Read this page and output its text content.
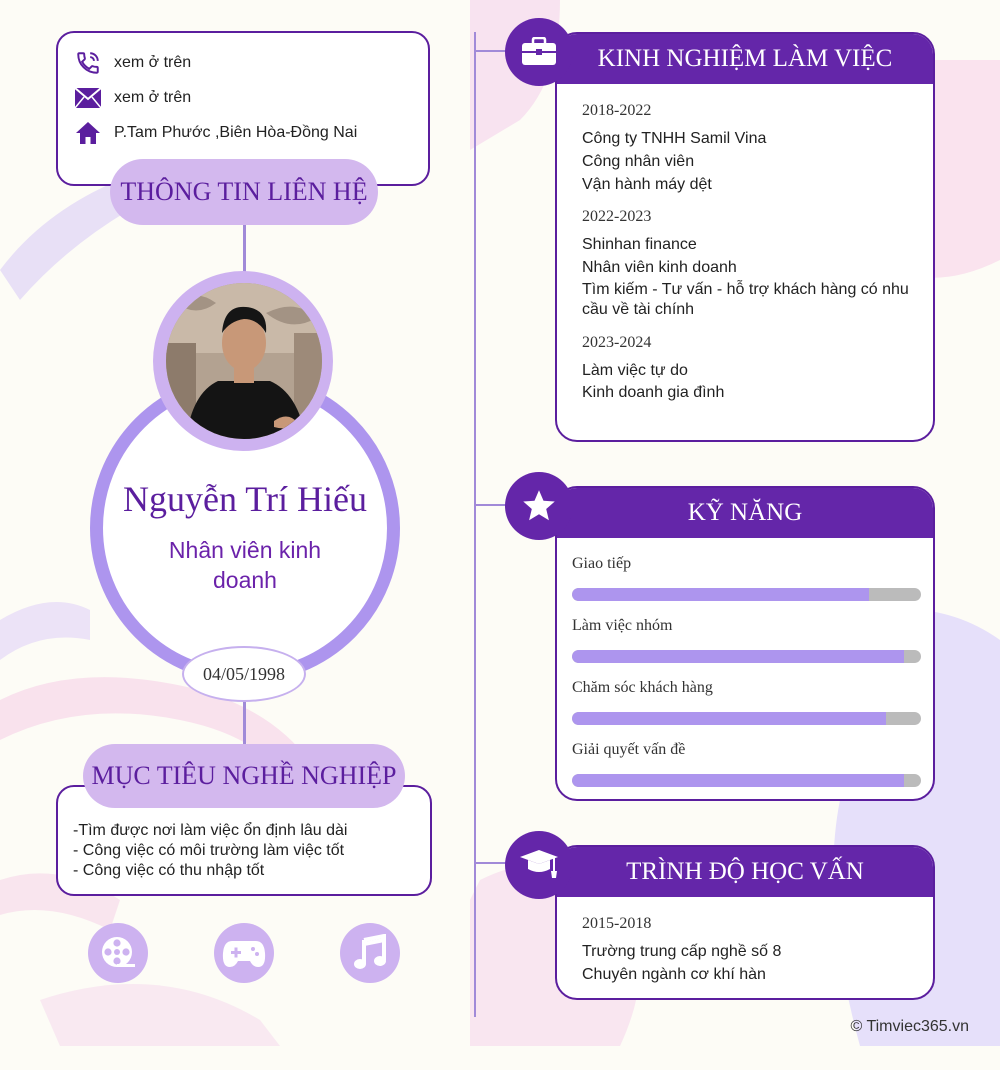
xem ở trên
xem ở trên
P.Tam Phước ,Biên Hòa-Đồng Nai
THÔNG TIN LIÊN HỆ
Nguyễn Trí Hiếu
Nhân viên kinh doanh
04/05/1998
-Tìm được nơi làm việc ổn định lâu dài
- Công việc có môi trường làm việc tốt
- Công việc có thu nhập tốt
MỤC TIÊU NGHỀ NGHIỆP
KINH NGHIỆM LÀM VIỆC
2018-2022
Công ty TNHH Samil Vina
Công nhân viên
Vận hành máy dệt
2022-2023
Shinhan finance
Nhân viên kinh doanh
Tìm kiếm - Tư vấn - hỗ trợ khách hàng có nhu cầu về tài chính
2023-2024
Làm việc tự do
Kinh doanh gia đình
KỸ NĂNG
Giao tiếp
Làm việc nhóm
Chăm sóc khách hàng
Giải quyết vấn đề
TRÌNH ĐỘ HỌC VẤN
2015-2018
Trường trung cấp nghề số 8
Chuyên ngành cơ khí hàn
© Timviec365.vn
